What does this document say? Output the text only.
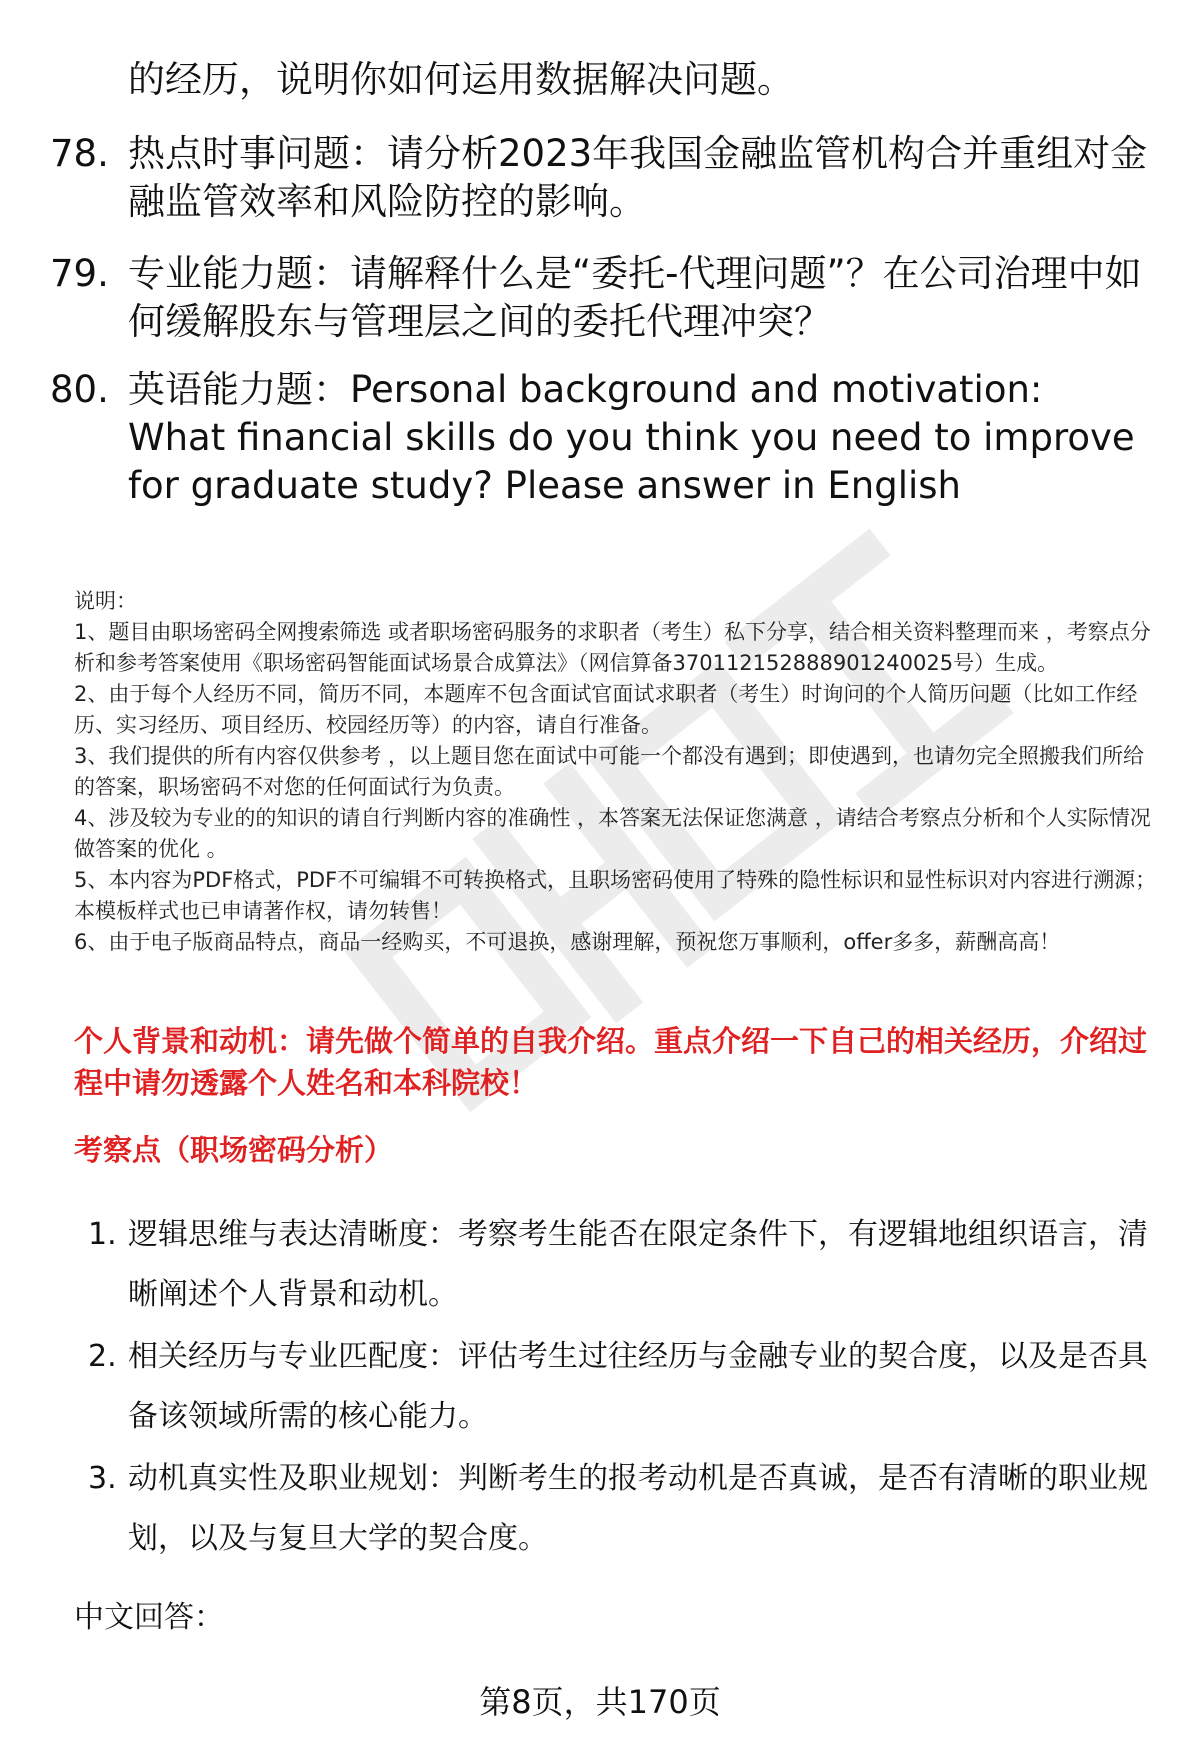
的经历，说明你如何运用数据解决问题。
78. 热点时事问题：请分析2023年我国金融监管机构合并重组对金融监管效率和风险防控的影响。
79. 专业能力题：请解释什么是“委托-代理问题”？在公司治理中如何缓解股东与管理层之间的委托代理冲突？
80. 英语能力题：Personal background and motivation: What financial skills do you think you need to improve for graduate study? Please answer in English

说明：

1、题目由职场密码全网搜索筛选 或者职场密码服务的求职者（考生）私下分享，结合相关资料整理而来 ，考察点分析和参考答案使用《职场密码智能面试场景合成算法》（网信算备370112152888901240025号）生成。

2、由于每个人经历不同，简历不同，本题库不包含面试官面试求职者（考生）时询问的个人简历问题（比如工作经历、实习经历、项目经历、校园经历等）的内容，请自行准备。

3、我们提供的所有内容仅供参考 ，以上题目您在面试中可能一个都没有遇到；即使遇到，也请勿完全照搬我们所给的答案，职场密码不对您的任何面试行为负责。

4、涉及较为专业的的知识的请自行判断内容的准确性 ，本答案无法保证您满意 ，请结合考察点分析和个人实际情况做答案的优化 。

5、本内容为PDF格式，PDF不可编辑不可转换格式，且职场密码使用了特殊的隐性标识和显性标识对内容进行溯源；本模板样式也已申请著作权，请勿转售！

6、由于电子版商品特点，商品一经购买，不可退换，感谢理解，预祝您万事顺利，offer多多，薪酬高高！

个人背景和动机：请先做个简单的自我介绍。重点介绍一下自己的相关经历，介绍过程中请勿透露个人姓名和本科院校！
考察点（职场密码分析）
1. 逻辑思维与表达清晰度：考察考生能否在限定条件下，有逻辑地组织语言，清晰阐述个人背景和动机。
2. 相关经历与专业匹配度：评估考生过往经历与金融专业的契合度，以及是否具备该领域所需的核心能力。
3. 动机真实性及职业规划：判断考生的报考动机是否真诚，是否有清晰的职业规划，以及与复旦大学的契合度。
中文回答：
第8页，共170页
